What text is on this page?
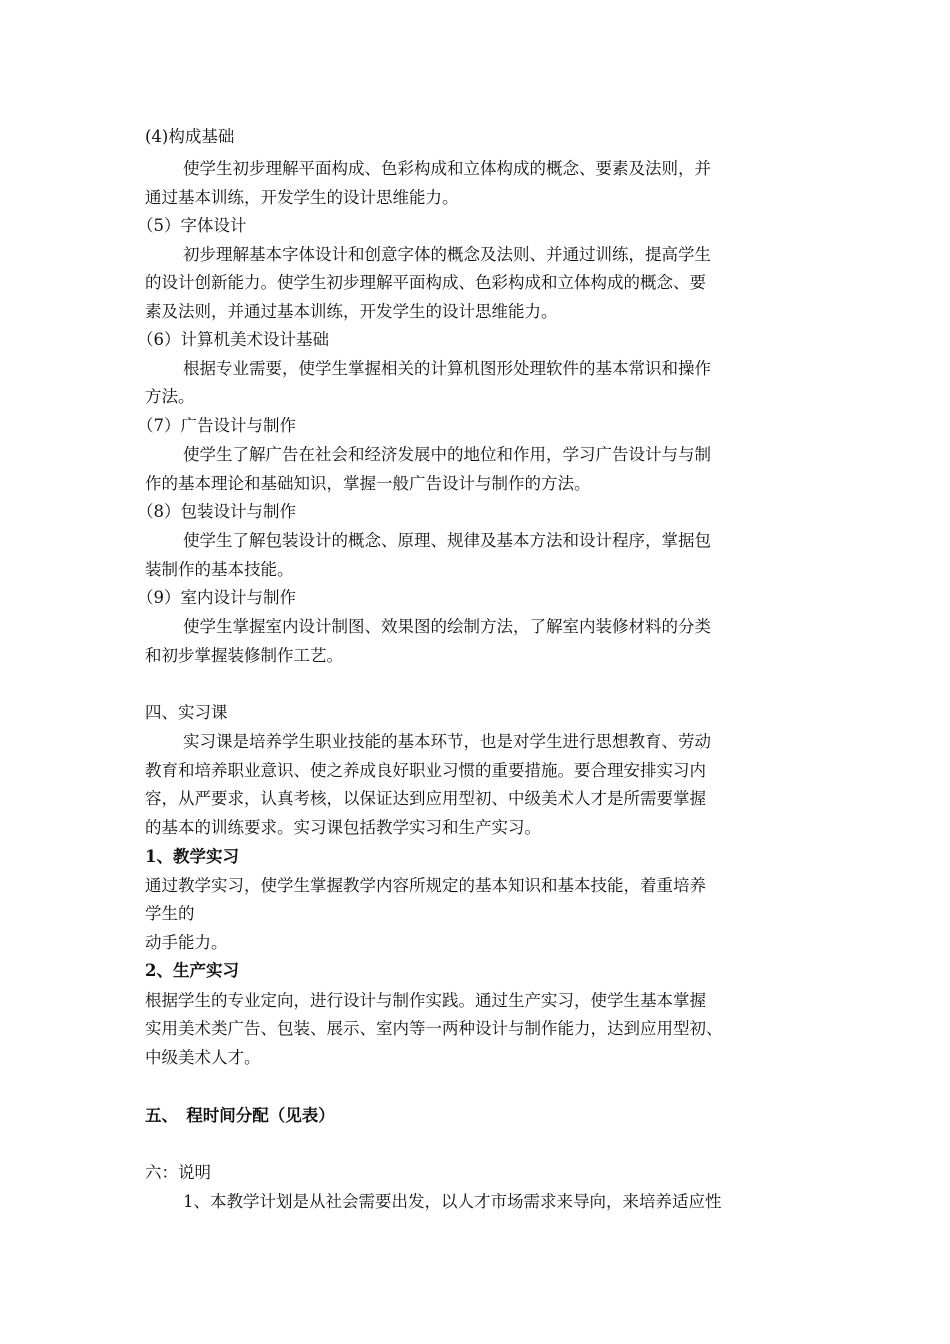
(4)构成基础

使学生初步理解平面构成、色彩构成和立体构成的概念、要素及法则，并

通过基本训练，开发学生的设计思维能力。

（5）字体设计

初步理解基本字体设计和创意字体的概念及法则、并通过训练，提高学生

的设计创新能力。使学生初步理解平面构成、色彩构成和立体构成的概念、要

素及法则，并通过基本训练，开发学生的设计思维能力。

（6）计算机美术设计基础

根据专业需要，使学生掌握相关的计算机图形处理软件的基本常识和操作

方法。

（7）广告设计与制作

使学生了解广告在社会和经济发展中的地位和作用，学习广告设计与与制

作的基本理论和基础知识，掌握一般广告设计与制作的方法。

（8）包装设计与制作

使学生了解包装设计的概念、原理、规律及基本方法和设计程序，掌据包

装制作的基本技能。

（9）室内设计与制作

使学生掌握室内设计制图、效果图的绘制方法，了解室内装修材料的分类

和初步掌握装修制作工艺。

四、实习课

实习课是培养学生职业技能的基本环节，也是对学生进行思想教育、劳动

教育和培养职业意识、使之养成良好职业习惯的重要措施。要合理安排实习内

容，从严要求，认真考核，以保证达到应用型初、中级美术人才是所需要掌握

的基本的训练要求。实习课包括教学实习和生产实习。

1、教学实习

通过教学实习，使学生掌握教学内容所规定的基本知识和基本技能，着重培养

学生的

动手能力。

2、生产实习

根据学生的专业定向，进行设计与制作实践。通过生产实习，使学生基本掌握

实用美术类广告、包装、展示、室内等一两种设计与制作能力，达到应用型初、

中级美术人才。

五、　程时间分配（见表）

六：说明

1、本教学计划是从社会需要出发，以人才市场需求来导向，来培养适应性
